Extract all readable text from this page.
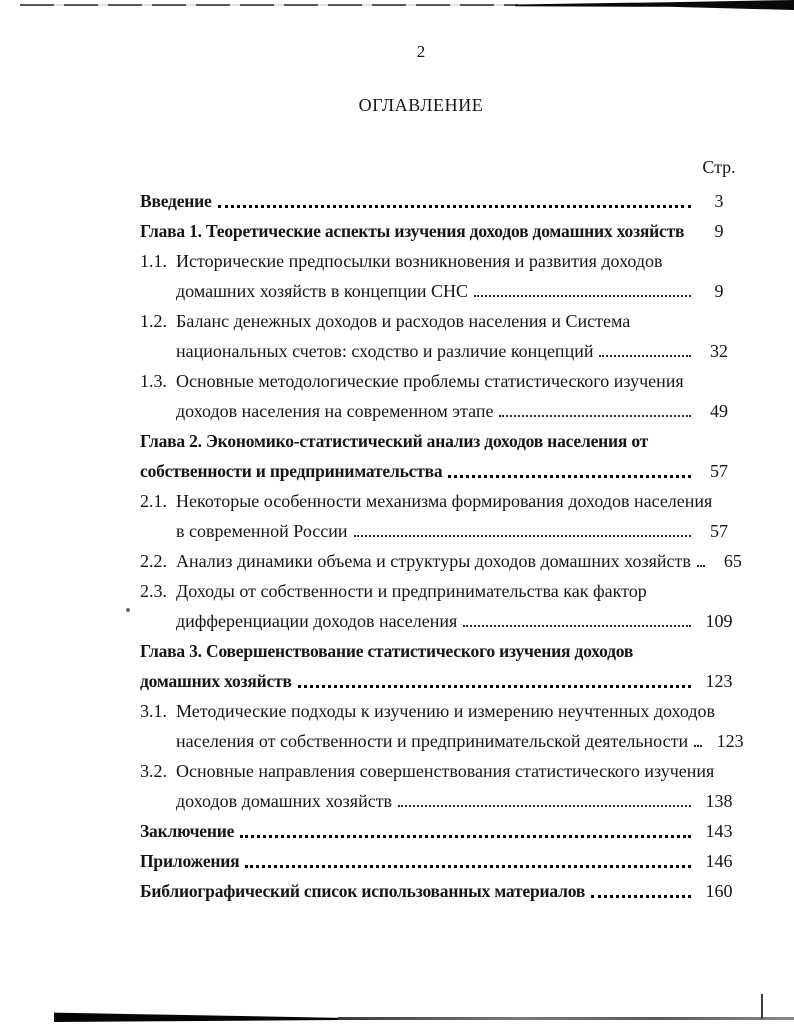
2
ОГЛАВЛЕНИЕ
Стр.
Введение	3
Глава 1. Теоретические аспекты изучения доходов домашних хозяйств	9
1.1. Исторические предпосылки возникновения и развития доходов
домашних хозяйств в концепции СНС	9
1.2. Баланс денежных доходов и расходов населения и Система
национальных счетов: сходство и различие концепций	32
1.3. Основные методологические проблемы статистического изучения
доходов населения на современном этапе	49
Глава 2. Экономико-статистический анализ доходов населения от
собственности и предпринимательства	57
2.1. Некоторые особенности механизма формирования доходов населения
в современной России	57
2.2. Анализ динамики объема и структуры доходов домашних хозяйств	65
2.3. Доходы от собственности и предпринимательства как фактор
дифференциации доходов населения	109
Глава 3. Совершенствование статистического изучения доходов
домашних хозяйств	123
3.1. Методические подходы к изучению и измерению неучтенных доходов
населения от собственности и предпринимательской деятельности	123
3.2. Основные направления совершенствования статистического изучения
доходов домашних хозяйств	138
Заключение	143
Приложения	146
Библиографический список использованных материалов	160
